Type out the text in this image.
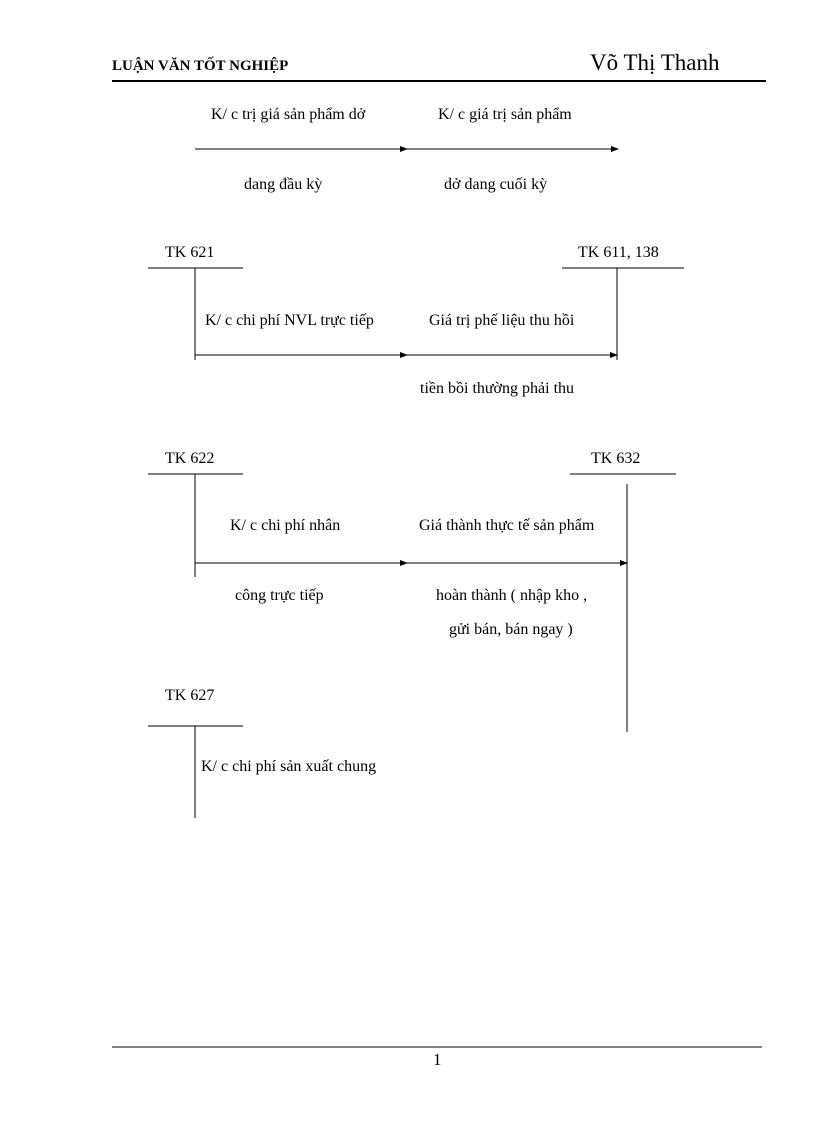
LUẬN VĂN TỐT NGHIỆP	Võ Thị Thanh
K/ c trị giá sản phẩm dở	K/ c giá trị sản phẩm
dang đầu kỳ	dở dang cuối kỳ
TK 621	TK 611, 138
K/ c chi phí NVL trực tiếp	Giá trị phế liệu thu hồi
tiền bồi thường phải thu
TK 622	TK 632
K/ c chi phí nhân	Giá thành thực tế sản phẩm
công trực tiếp	hoàn thành ( nhập kho ,
gửi bán, bán ngay )
TK 627
K/ c chi phí sản xuất chung
1
